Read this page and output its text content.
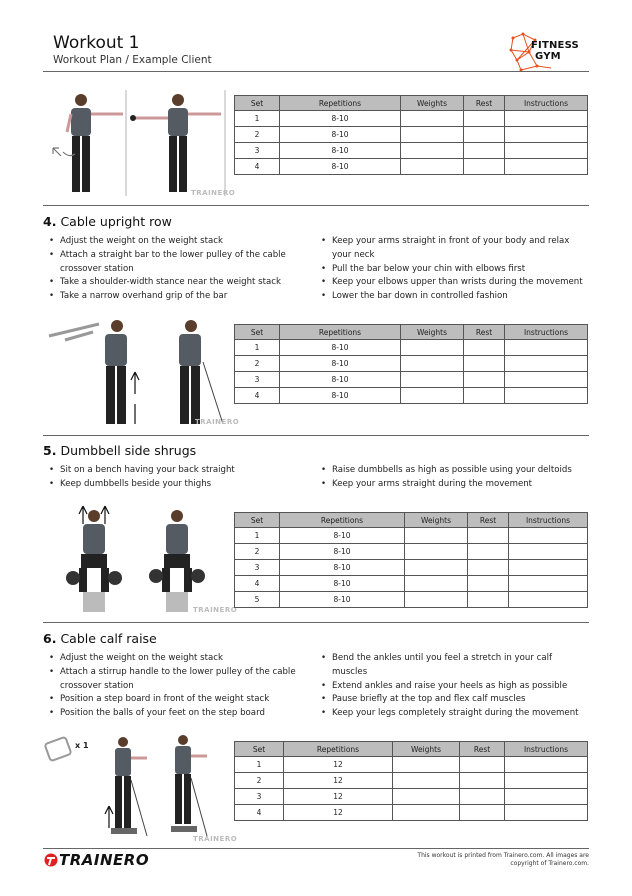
Workout 1
Workout Plan / Example Client
FITNESS
GYM
TRAINERO
Set	Repetitions	Weights	Rest	Instructions
1	8-10			
2	8-10			
3	8-10			
4	8-10			
4. Cable upright row
• Adjust the weight on the weight stack
• Attach a straight bar to the lower pulley of the cable crossover station
• Take a shoulder-width stance near the weight stack
• Take a narrow overhand grip of the bar
• Keep your arms straight in front of your body and relax your neck
• Pull the bar below your chin with elbows first
• Keep your elbows upper than wrists during the movement
• Lower the bar down in controlled fashion
TRAINERO
Set	Repetitions	Weights	Rest	Instructions
1	8-10			
2	8-10			
3	8-10			
4	8-10			
5. Dumbbell side shrugs
• Sit on a bench having your back straight
• Keep dumbbells beside your thighs
• Raise dumbbells as high as possible using your deltoids
• Keep your arms straight during the movement
TRAINERO
Set	Repetitions	Weights	Rest	Instructions
1	8-10			
2	8-10			
3	8-10			
4	8-10			
5	8-10			
6. Cable calf raise
• Adjust the weight on the weight stack
• Attach a stirrup handle to the lower pulley of the cable crossover station
• Position a step board in front of the weight stack
• Position the balls of your feet on the step board
• Bend the ankles until you feel a stretch in your calf muscles
• Extend ankles and raise your heels as high as possible
• Pause briefly at the top and flex calf muscles
• Keep your legs completely straight during the movement
x 1
TRAINERO
Set	Repetitions	Weights	Rest	Instructions
1	12			
2	12			
3	12			
4	12			
TRAINERO	This workout is printed from Trainero.com. All images are
copyright of Trainero.com.
